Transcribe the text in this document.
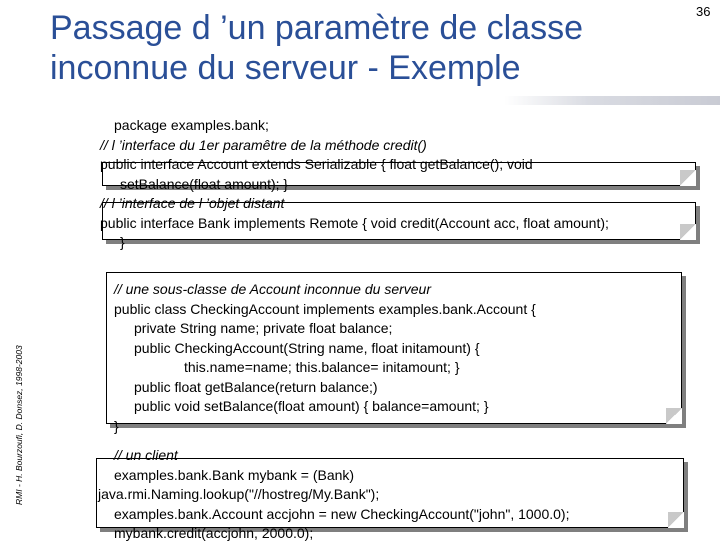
Passage d ’un paramètre de classe
inconnue du serveur - Exemple
36
RMI - H. Bourzoufi, D. Donsez, 1998-2003
package examples.bank;
// l ’interface du 1er paramêtre de la méthode credit()
public interface Account extends Serializable { float getBalance(); void
setBalance(float amount); }
// l ’interface de l ’objet distant
public interface Bank implements Remote { void credit(Account acc, float amount);
}
// une sous-classe de Account inconnue du serveur
public class CheckingAccount implements examples.bank.Account {
private String name; private float balance;
public CheckingAccount(String name, float initamount) {
this.name=name; this.balance= initamount; }
public float getBalance(return balance;)
public void setBalance(float amount) { balance=amount; }
}
// un client
examples.bank.Bank mybank = (Bank)
java.rmi.Naming.lookup("//hostreg/My.Bank");
examples.bank.Account accjohn = new CheckingAccount("john", 1000.0);
mybank.credit(accjohn, 2000.0);
